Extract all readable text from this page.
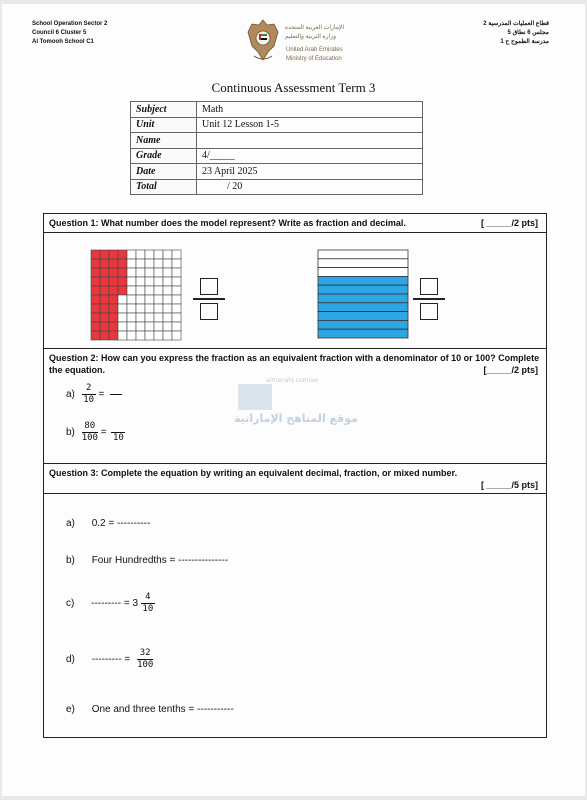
School Operation Sector 2
Council 6 Cluster 5
Al Tomooh School C1
قطاع العمليات المدرسية 2
مجلس 6 نطاق 5
مدرسة الطموح ح 1
الإمارات العربية المتحدة
وزارة التربية والتعليم
United Arab Emirates
Ministry of Education
Continuous Assessment Term 3
Subject	Math
Unit	Unit 12 Lesson 1-5
Name	
Grade	4/_____
Date	23 April 2025
Total	/ 20
Question 1: What number does the model represent? Write as fraction and decimal.	[ _____/2 pts]
Question 2: How can you express the fraction as an equivalent fraction with a denominator of 10 or 100? Complete the equation.	[_____/2 pts]
$a) \frac{2}{10}$ =
$b) \frac{80}{100} = 10$
Question 3: Complete the equation by writing an equivalent decimal, fraction, or mixed number.
[ _____/5 pts]
a) 0.2 = ----------
b) Four Hundredths = ---------------
c) --------- = $3 \frac{4}{10}$
d) --------- = $\frac{32}{100}$
e) One and three tenths = -----------
almanahj.com/ae
موقع المناهج الإماراتية
